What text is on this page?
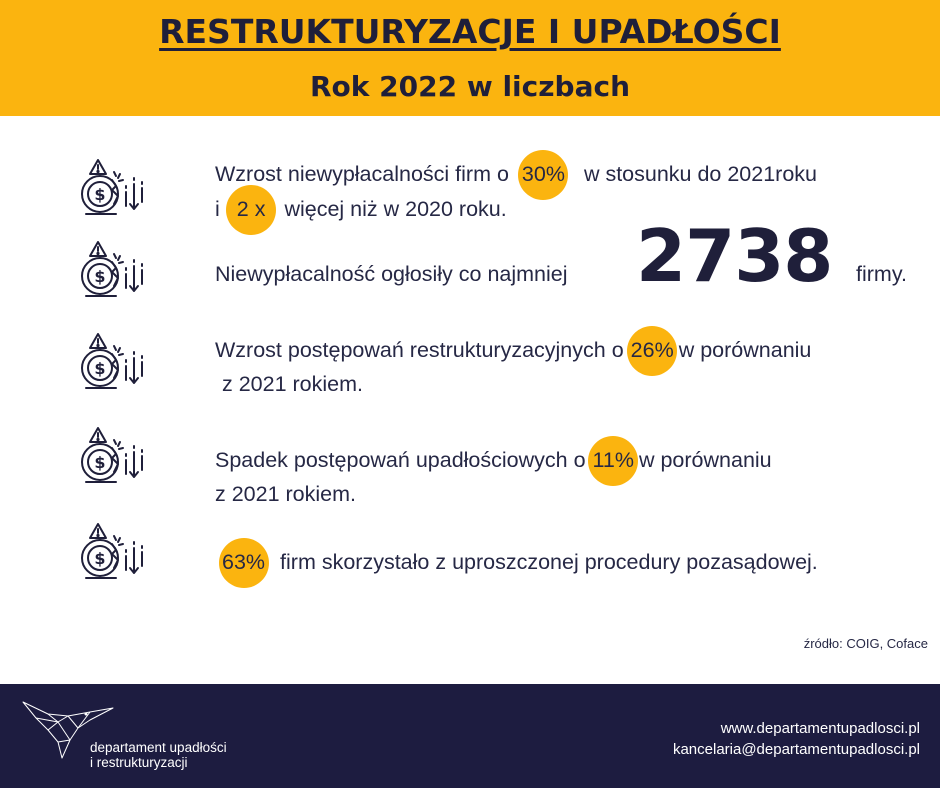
RESTRUKTURYZACJE I UPADŁOŚCI
Rok 2022 w liczbach
Wzrost niewypłacalności firm o 30% w stosunku do 2021roku
i 2 x więcej niż w 2020 roku.
Niewypłacalność ogłosiły co najmniej 2738 firmy.
Wzrost postępowań restrukturyzacyjnych o 26% w porównaniu
z 2021 rokiem.
Spadek postępowań upadłościowych o 11% w porównaniu
z 2021 rokiem.
63% firm skorzystało z uproszczonej procedury pozasądowej.
źródło: COIG, Coface
departament upadłości
i restrukturyzacji
www.departamentupadlosci.pl
kancelaria@departamentupadlosci.pl
